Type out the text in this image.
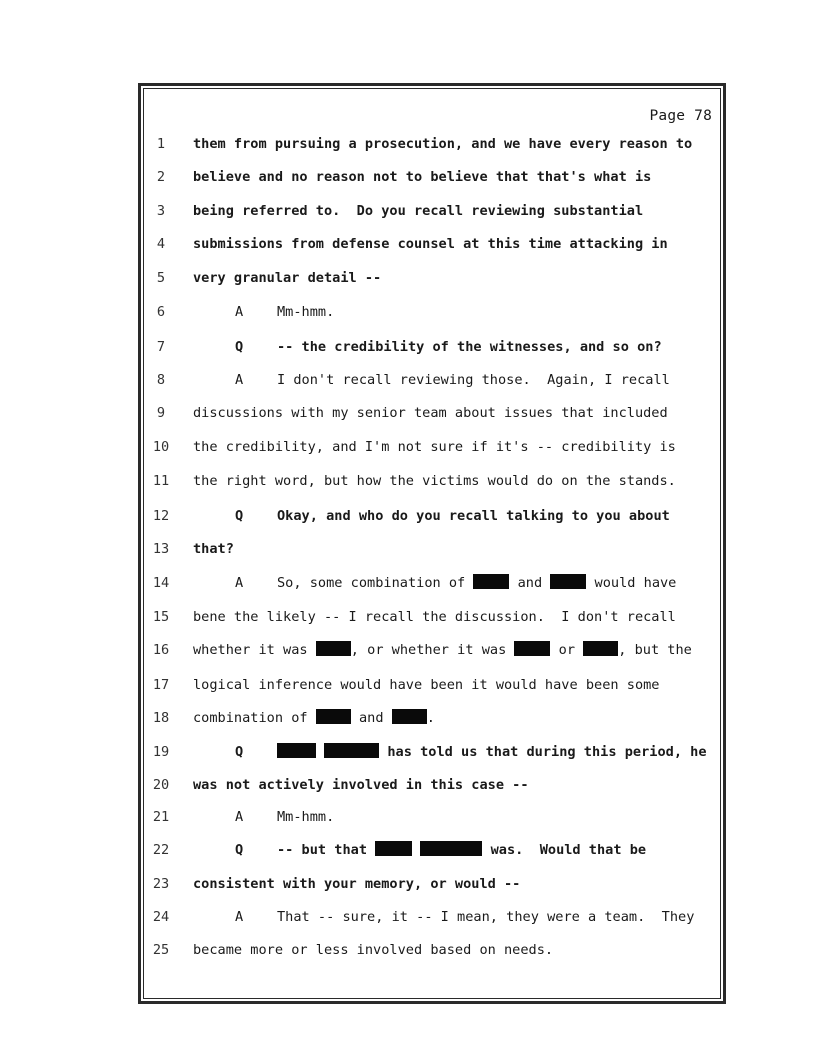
Page 78
1	them from pursuing a prosecution, and we have every reason to
2	believe and no reason not to believe that that's what is
3	being referred to.  Do you recall reviewing substantial
4	submissions from defense counsel at this time attacking in
5	very granular detail --
6	A Mm-hmm.
7	Q -- the credibility of the witnesses, and so on?
8	A I don't recall reviewing those.  Again, I recall
9	discussions with my senior team about issues that included
10 the credibility, and I'm not sure if it's -- credibility is
11 the right word, but how the victims would do on the stands.
12	Q Okay, and who do you recall talking to you about
13 that?
14	A So, some combination of	and	would have
15 bene the likely -- I recall the discussion.  I don't recall
16 whether it was	, or whether it was	or	, but the
17 logical inference would have been it would have been some
18 combination of	and	.
19	Q	has told us that during this period, he
20 was not actively involved in this case --
21	A Mm-hmm.
22	Q -- but that	was.  Would that be
23 consistent with your memory, or would --
24	A That -- sure, it -- I mean, they were a team.  They
25 became more or less involved based on needs.
